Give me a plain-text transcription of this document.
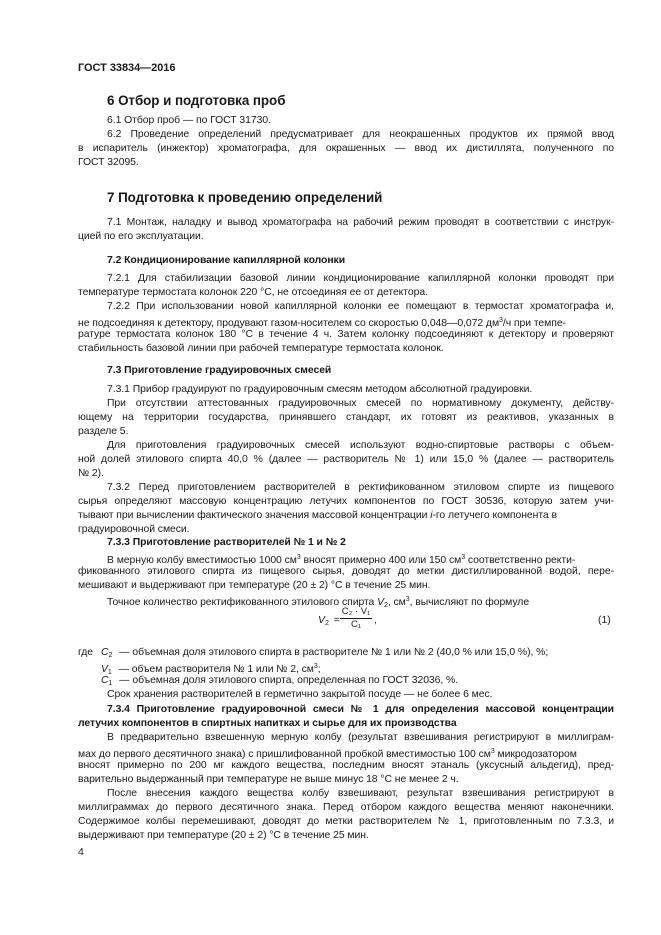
ГОСТ 33834—2016
6 Отбор и подготовка проб
6.1 Отбор проб — по ГОСТ 31730.
6.2 Проведение определений предусматривает для неокрашенных продуктов их прямой ввод
в испаритель (инжектор) хроматографа, для окрашенных — ввод их дистиллята, полученного по
ГОСТ 32095.
7 Подготовка к проведению определений
7.1 Монтаж, наладку и вывод хроматографа на рабочий режим проводят в соответствии с инструк-
цией по его эксплуатации.
7.2 Кондиционирование капиллярной колонки
7.2.1 Для стабилизации базовой линии кондиционирование капиллярной колонки проводят при
температуре термостата колонок 220 °С, не отсоединяя ее от детектора.
7.2.2 При использовании новой капиллярной колонки ее помещают в термостат хроматографа и,
не подсоединяя к детектору, продувают газом-носителем со скоростью 0,048—0,072 $дм^3/ч$ при темпе-
ратуре термостата колонок 180 °С в течение 4 ч. Затем колонку подсоединяют к детектору и проверяют
стабильность базовой линии при рабочей температуре термостата колонок.
7.3 Приготовление градуировочных смесей
7.3.1 Прибор градуируют по градуировочным смесям методом абсолютной градуировки.
При отсутствии аттестованных градуировочных смесей по нормативному документу, действу-
ющему на территории государства, принявшего стандарт, их готовят из реактивов, указанных в
разделе 5.
Для приготовления градуировочных смесей используют водно-спиртовые растворы с объем-
ной долей этилового спирта 40,0 % (далее — растворитель № 1) или 15,0 % (далее — растворитель
№ 2).
7.3.2 Перед приготовлением растворителей в ректификованном этиловом спирте из пищевого
сырья определяют массовую концентрацию летучих компонентов по ГОСТ 30536, которую затем учи-
тывают при вычислении фактического значения массовой концентрации i-го летучего компонента в
градуировочной смеси.
7.3.3 Приготовление растворителей № 1 и № 2
В мерную колбу вместимостью 1000 $см^3$ вносят примерно 400 или 150 $см^3$ соответственно ректи-
фикованного этилового спирта из пищевого сырья, доводят до метки дистиллированной водой, пере-
мешивают и выдерживают при температуре (20 ± 2) °С в течение 25 мин.
Точное количество ректификованного этилового спирта $V_2$, $см^3$, вычисляют по формуле
$V_2$ =
C₂ · V₁
C₁	,	(1)
где $C_2$ — объемная доля этилового спирта в растворителе № 1 или № 2 (40,0 % или 15,0 %), %;
$V_1$ — объем растворителя № 1 или № 2, $см^3$;
$C_1$ — объемная доля этилового спирта, определенная по ГОСТ 32036, %.
Срок хранения растворителей в герметично закрытой посуде — не более 6 мес.
7.3.4 Приготовление градуировочной смеси № 1 для определения массовой концентрации
летучих компонентов в спиртных напитках и сырье для их производства
В предварительно взвешенную мерную колбу (результат взвешивания регистрируют в миллиграм-
мах до первого десятичного знака) с пришлифованной пробкой вместимостью 100 $см^3$ микродозатором
вносят примерно по 200 мг каждого вещества, последним вносят этаналь (уксусный альдегид), пред-
варительно выдержанный при температуре не выше минус 18 °С не менее 2 ч.
После внесения каждого вещества колбу взвешивают, результат взвешивания регистрируют в
миллиграммах до первого десятичного знака. Перед отбором каждого вещества меняют наконечники.
Содержимое колбы перемешивают, доводят до метки растворителем № 1, приготовленным по 7.3.3, и
выдерживают при температуре (20 ± 2) °С в течение 25 мин.
4
